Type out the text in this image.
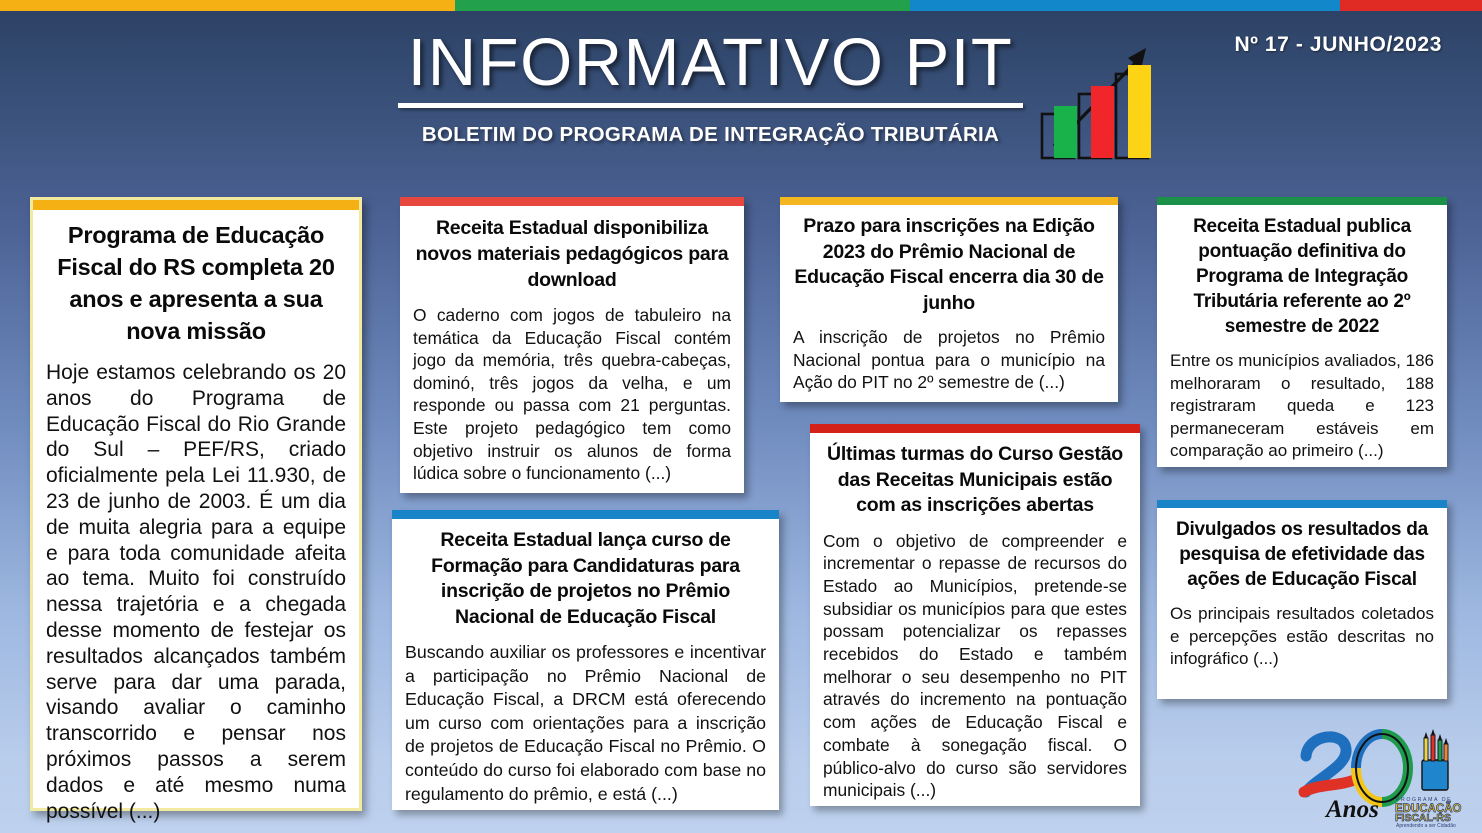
Nº 17 - JUNHO/2023
INFORMATIVO PIT
BOLETIM DO PROGRAMA DE INTEGRAÇÃO TRIBUTÁRIA
Programa de Educação Fiscal do RS completa 20 anos e apresenta a sua nova missão
Hoje estamos celebrando os 20 anos do Programa de Educação Fiscal do Rio Grande do Sul – PEF/RS, criado oficialmente pela Lei 11.930, de 23 de junho de 2003. É um dia de muita alegria para a equipe e para toda comunidade afeita ao tema. Muito foi construído nessa trajetória e a chegada desse momento de festejar os resultados alcançados também serve para dar uma parada, visando avaliar o caminho transcorrido e pensar nos próximos passos a serem dados e até mesmo numa possível (...)
Receita Estadual disponibiliza novos materiais pedagógicos para download
O caderno com jogos de tabuleiro na temática da Educação Fiscal contém jogo da memória, três quebra-cabeças, dominó, três jogos da velha, e um responde ou passa com 21 perguntas. Este projeto pedagógico tem como objetivo instruir os alunos de forma lúdica sobre o funcionamento (...)
Receita Estadual lança curso de Formação para Candidaturas para inscrição de projetos no Prêmio Nacional de Educação Fiscal
Buscando auxiliar os professores e incentivar a participação no Prêmio Nacional de Educação Fiscal, a DRCM está oferecendo um curso com orientações para a inscrição de projetos de Educação Fiscal no Prêmio. O conteúdo do curso foi elaborado com base no regulamento do prêmio, e está (...)
Prazo para inscrições na Edição 2023 do Prêmio Nacional de Educação Fiscal encerra dia 30 de junho
A inscrição de projetos no Prêmio Nacional pontua para o município na Ação do PIT no 2º semestre de (...)
Últimas turmas do Curso Gestão das Receitas Municipais estão com as inscrições abertas
Com o objetivo de compreender e incrementar o repasse de recursos do Estado ao Municípios, pretende-se subsidiar os municípios para que estes possam potencializar os repasses recebidos do Estado e também melhorar o seu desempenho no PIT através do incremento na pontuação com ações de Educação Fiscal e combate à sonegação fiscal. O público-alvo do curso são servidores municipais (...)
Receita Estadual publica pontuação definitiva do Programa de Integração Tributária referente ao 2º semestre de 2022
Entre os municípios avaliados, 186 melhoraram o resultado, 188 registraram queda e 123 permaneceram estáveis em comparação ao primeiro (...)
Divulgados os resultados da pesquisa de efetividade das ações de Educação Fiscal
Os principais resultados coletados e percepções estão descritas no infográfico (...)
Anos	PROGRAMA DE
EDUCAÇÃO
FISCAL-RS
Aprendendo a ser Cidadão
